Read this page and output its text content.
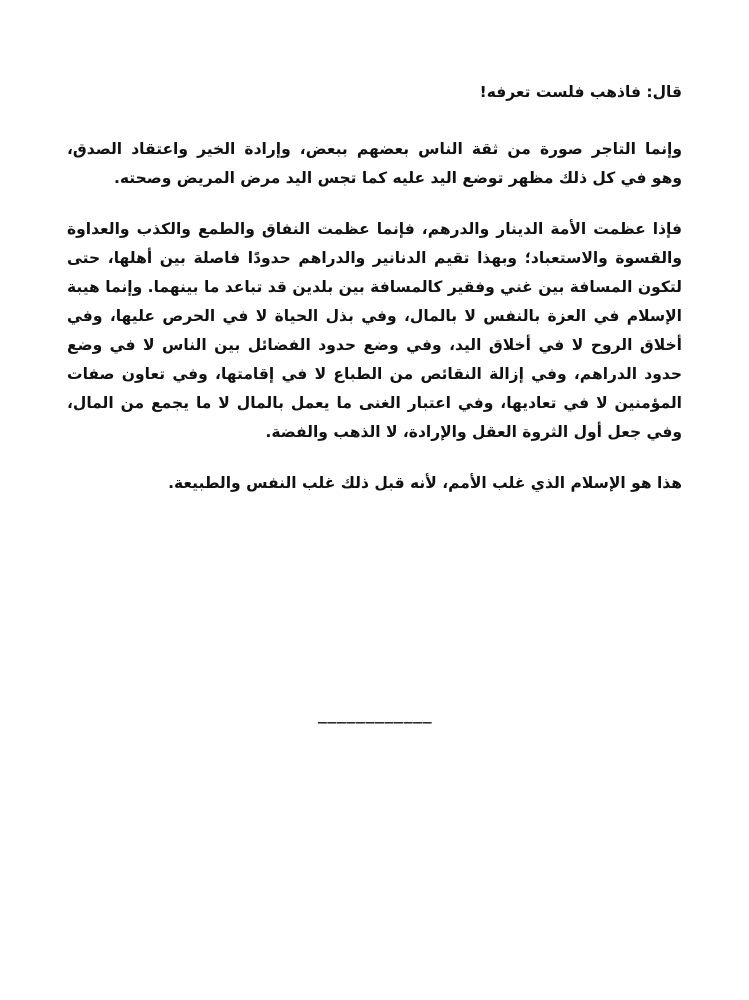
قال: فاذهب فلست تعرفه!
وإنما التاجر صورة من ثقة الناس بعضهم ببعض، وإرادة الخير واعتقاد الصدق،
وهو في كل ذلك مظهر توضع اليد عليه كما تجس اليد مرض المريض وصحته.
فإذا عظمت الأمة الدينار والدرهم، فإنما عظمت النفاق والطمع والكذب والعداوة
والقسوة والاستعباد؛ وبهذا تقيم الدنانير والدراهم حدودًا فاصلة بين أهلها، حتى
لتكون المسافة بين غني وفقير كالمسافة بين بلدين قد تباعد ما بينهما. وإنما هيبة
الإسلام في العزة بالنفس لا بالمال، وفي بذل الحياة لا في الحرص عليها، وفي
أخلاق الروح لا في أخلاق اليد، وفي وضع حدود الفضائل بين الناس لا في وضع
حدود الدراهم، وفي إزالة النقائص من الطباع لا في إقامتها، وفي تعاون صفات
المؤمنين لا في تعاديها، وفي اعتبار الغنى ما يعمل بالمال لا ما يجمع من المال،
وفي جعل أول الثروة العقل والإرادة، لا الذهب والفضة.
هذا هو الإسلام الذي غلب الأمم، لأنه قبل ذلك غلب النفس والطبيعة.
____________
